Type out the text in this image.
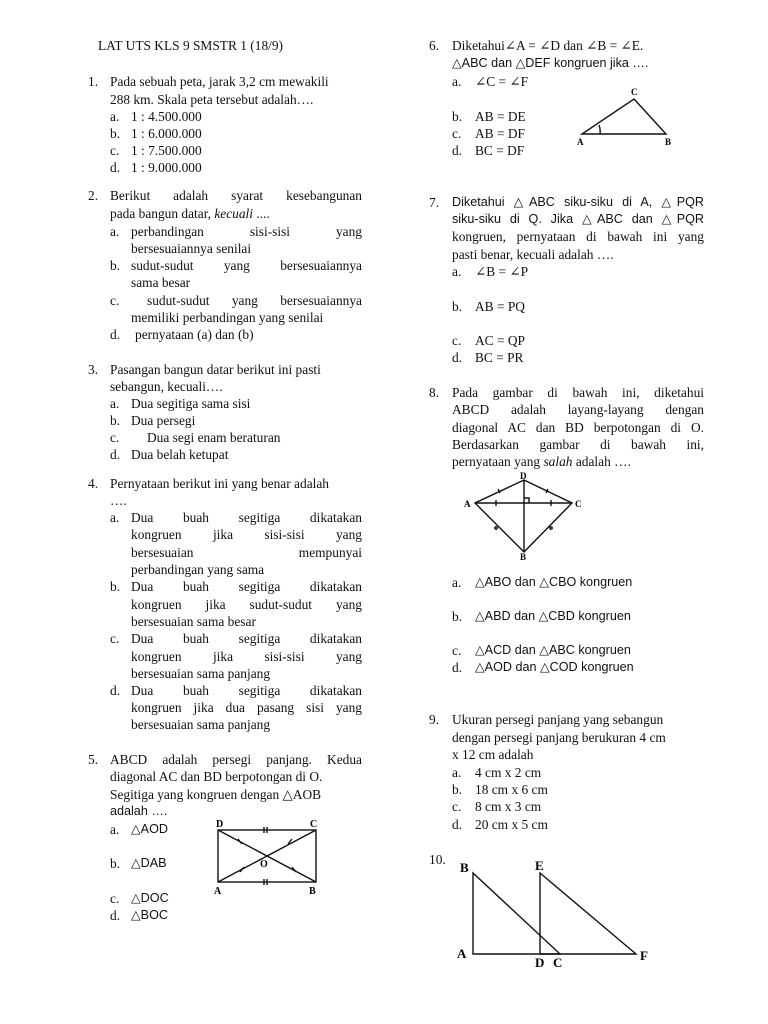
LAT UTS KLS 9 SMSTR 1 (18/9)
1. Pada sebuah peta, jarak 3,2 cm mewakili
288 km. Skala peta tersebut adalah….
a. 1 : 4.500.000
b. 1 : 6.000.000
c. 1 : 7.500.000
d. 1 : 9.000.000
2. Berikut adalah syarat kesebangunan
pada bangun datar, kecuali ....
a. perbandingan sisi-sisi yang
bersesuaiannya senilai
b. sudut-sudut yang bersesuaiannya
sama besar
c. sudut-sudut yang bersesuaiannya
memiliki perbandingan yang senilai
d. pernyataan (a) dan (b)
3. Pasangan bangun datar berikut ini pasti
sebangun, kecuali….
a. Dua segitiga sama sisi
b. Dua persegi
c. Dua segi enam beraturan
d. Dua belah ketupat
4. Pernyataan berikut ini yang benar adalah
….
a. Dua buah segitiga dikatakan
kongruen jika sisi-sisi yang
bersesuaian mempunyai
perbandingan yang sama
b. Dua buah segitiga dikatakan
kongruen jika sudut-sudut yang
bersesuaian sama besar
c. Dua buah segitiga dikatakan
kongruen jika sisi-sisi yang
bersesuaian sama panjang
d. Dua buah segitiga dikatakan
kongruen jika dua pasang sisi yang
bersesuaian sama panjang
5. ABCD adalah persegi panjang. Kedua
diagonal AC dan BD berpotongan di O.
Segitiga yang kongruen dengan △AOB
adalah ….
a. △AOD
b. △DAB
c. △DOC
d. △BOC
D	C
A	B
O
6. Diketahui∠A = ∠D dan ∠B = ∠E.
△ABC dan △DEF kongruen jika ….
a. ∠C = ∠F
b. AB = DE
c. AB = DF
d. BC = DF
C
A	B
7. Diketahui △ABC siku-siku di A, △PQR
siku-siku di Q. Jika △ABC dan △PQR
kongruen, pernyataan di bawah ini yang
pasti benar, kecuali adalah ….
a. ∠B = ∠P
b. AB = PQ
c. AC = QP
d. BC = PR
8. Pada gambar di bawah ini, diketahui
ABCD adalah layang-layang dengan
diagonal AC dan BD berpotongan di O.
Berdasarkan gambar di bawah ini,
pernyataan yang salah adalah ….
D
A	C
B
a. △ABO dan △CBO kongruen
b. △ABD dan △CBD kongruen
c. △ACD dan △ABC kongruen
d. △AOD dan △COD kongruen
9. Ukuran persegi panjang yang sebangun
dengan persegi panjang berukuran 4 cm
x 12 cm adalah
a. 4 cm x 2 cm
b. 18 cm x 6 cm
c. 8 cm x 3 cm
d. 20 cm x 5 cm
10.
B	E
A
D C	F
